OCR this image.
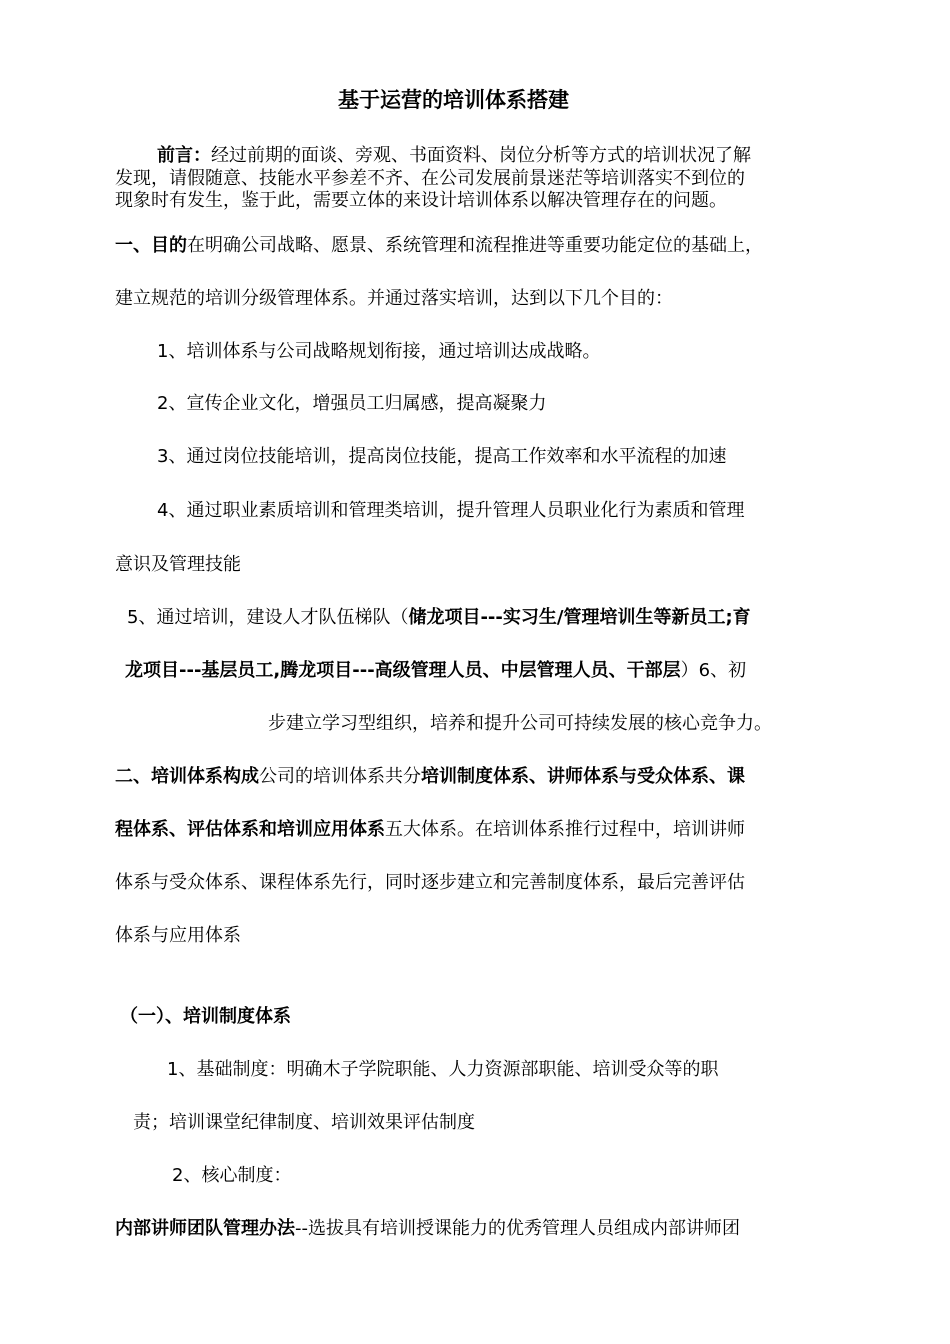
基于运营的培训体系搭建
前言：经过前期的面谈、旁观、书面资料、岗位分析等方式的培训状况了解
发现，请假随意、技能水平参差不齐、在公司发展前景迷茫等培训落实不到位的
现象时有发生，鉴于此，需要立体的来设计培训体系以解决管理存在的问题。
一、目的在明确公司战略、愿景、系统管理和流程推进等重要功能定位的基础上，
建立规范的培训分级管理体系。并通过落实培训，达到以下几个目的：
1、培训体系与公司战略规划衔接，通过培训达成战略。
2、宣传企业文化，增强员工归属感，提高凝聚力
3、通过岗位技能培训，提高岗位技能，提高工作效率和水平流程的加速
4、通过职业素质培训和管理类培训，提升管理人员职业化行为素质和管理
意识及管理技能
5、通过培训，建设人才队伍梯队（储龙项目---实习生/管理培训生等新员工;育
龙项目---基层员工,腾龙项目---高级管理人员、中层管理人员、干部层）6、初
步建立学习型组织，培养和提升公司可持续发展的核心竞争力。
二、培训体系构成公司的培训体系共分培训制度体系、讲师体系与受众体系、课
程体系、评估体系和培训应用体系五大体系。在培训体系推行过程中，培训讲师
体系与受众体系、课程体系先行，同时逐步建立和完善制度体系，最后完善评估
体系与应用体系
（一）、培训制度体系
1、基础制度：明确木子学院职能、人力资源部职能、培训受众等的职
责；培训课堂纪律制度、培训效果评估制度
2、核心制度：
内部讲师团队管理办法--选拔具有培训授课能力的优秀管理人员组成内部讲师团
